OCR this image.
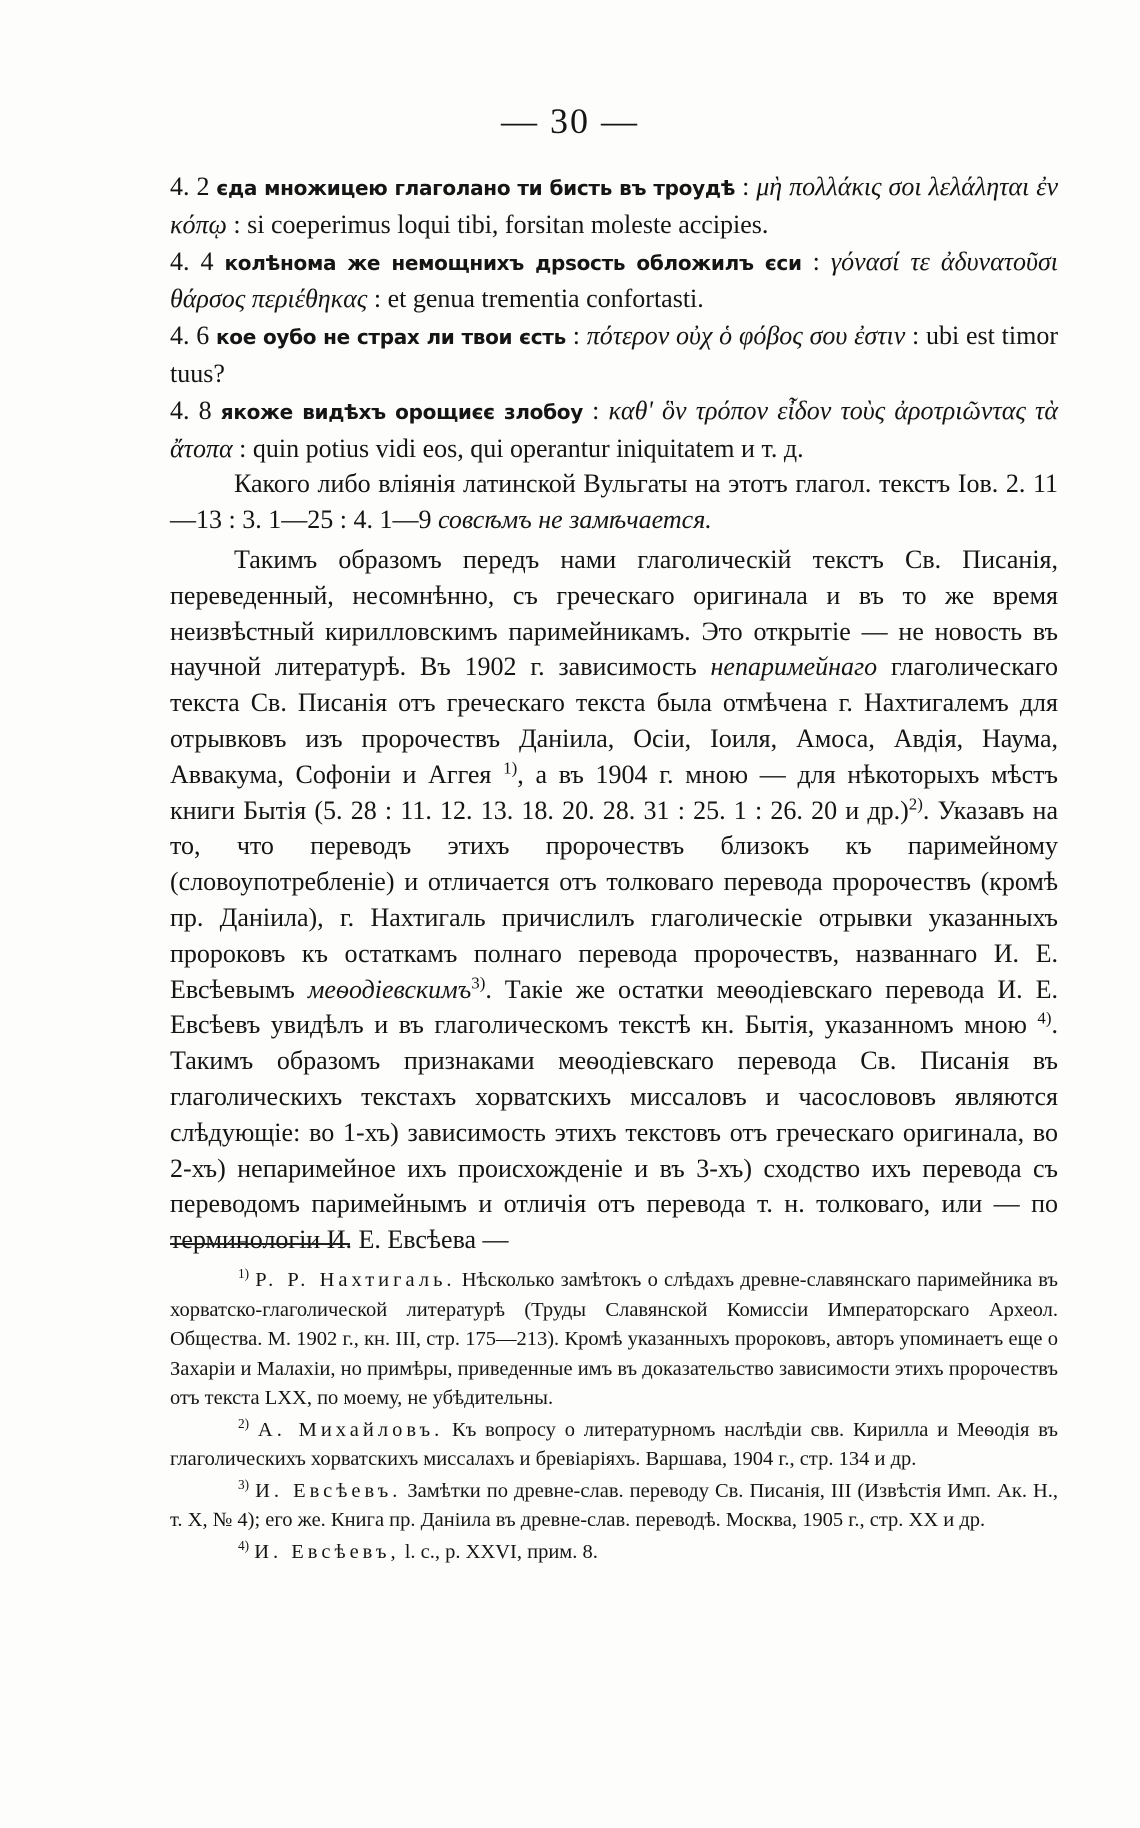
— 30 —

4. 2 єда множицею глаголано ти бисть въ троудѣ : μὴ πολλάκις σοι λελάληται ἐν κόπῳ : si coeperimus loqui tibi, forsitan moleste accipies.

4. 4 колѣнома же немощнихъ дрѕость обложилъ єси : γόνασί τε ἀδυνατοῦσι θάρσος περιέθηκας : et genua trementia confortasti.

4. 6 кое оубо не страх ли твои єсть : πότερον οὐχ ὁ φόβος σου ἐστιν : ubi est timor tuus?

4. 8 якоже видѣхъ орощиєє злобоу : καθ' ὃν τρόπον εἶδον τοὺς ἀροτριῶντας τὰ ἄτοπα : quin potius vidi eos, qui operantur iniquitatem и т. д.

Какого либо вліянія латинской Вульгаты на этотъ глагол. текстъ Іов. 2. 11—13 : 3. 1—25 : 4. 1—9 совсѣмъ не замѣчается.

Такимъ образомъ передъ нами глаголическій текстъ Св. Писанія, переведенный, несомнѣнно, съ греческаго оригинала и въ то же время неизвѣстный кирилловскимъ паримейникамъ. Это открытіе — не новость въ научной литературѣ. Въ 1902 г. зависимость непаримейнаго глаголическаго текста Св. Писанія отъ греческаго текста была отмѣчена г. Нахтигалемъ для отрывковъ изъ пророчествъ Даніила, Осіи, Іоиля, Амоса, Авдія, Наума, Аввакума, Софоніи и Аггея $^{1)}$, а въ 1904 г. мною — для нѣкоторыхъ мѣстъ книги Бытія (5. 28 : 11. 12. 13. 18. 20. 28. 31 : 25. 1 : 26. 20 и др.)$^{2)}$. Указавъ на то, что переводъ этихъ пророчествъ близокъ къ паримейному (словоупотребленіе) и отличается отъ толковаго перевода пророчествъ (кромѣ пр. Даніила), г. Нахтигаль причислилъ глаголическіе отрывки указанныхъ пророковъ къ остаткамъ полнаго перевода пророчествъ, названнаго И. Е. Евсѣевымъ меѳодіевскимъ$^{3)}$. Такіе же остатки меѳодіевскаго перевода И. Е. Евсѣевъ увидѣлъ и въ глаголическомъ текстѣ кн. Бытія, указанномъ мною $^{4)}$. Такимъ образомъ признаками меѳодіевскаго перевода Св. Писанія въ глаголическихъ текстахъ хорватскихъ миссаловъ и часослововъ являются слѣдующіе: во 1-хъ) зависимость этихъ текстовъ отъ греческаго оригинала, во 2-хъ) непаримейное ихъ происхожденіе и въ 3-хъ) сходство ихъ перевода съ переводомъ паримейнымъ и отличія отъ перевода т. н. толковаго, или — по терминологіи И. Е. Евсѣева —

$^{1)}$ Р. Р. Нахтигаль. Нѣсколько замѣтокъ о слѣдахъ древне-славянскаго паримейника въ хорватско-глаголической литературѣ (Труды Славянской Комиссіи Императорскаго Археол. Общества. М. 1902 г., кн. III, стр. 175—213). Кромѣ указанныхъ пророковъ, авторъ упоминаетъ еще о Захаріи и Малахіи, но примѣры, приведенные имъ въ доказательство зависимости этихъ пророчествъ отъ текста LXX, по моему, не убѣдительны.

$^{2)}$ А. Михайловъ. Къ вопросу о литературномъ наслѣдіи свв. Кирилла и Меѳодія въ глаголическихъ хорватскихъ миссалахъ и бревіаріяхъ. Варшава, 1904 г., стр. 134 и др.

$^{3)}$ И. Евсѣевъ. Замѣтки по древне-слав. переводу Св. Писанія, III (Извѣстія Имп. Ак. Н., т. X, № 4); его же. Книга пр. Даніила въ древне-слав. переводѣ. Москва, 1905 г., стр. XX и др.

$^{4)}$ И. Евсѣевъ, l. c., p. XXVI, прим. 8.
